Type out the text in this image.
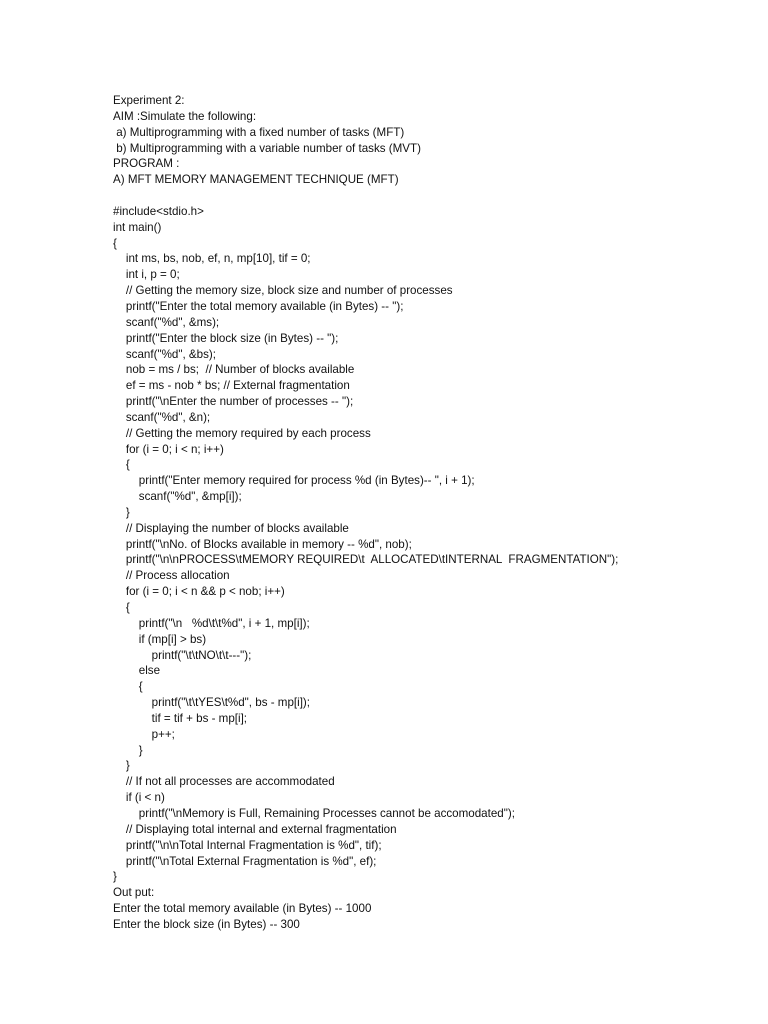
Experiment 2:
AIM :Simulate the following:
a) Multiprogramming with a fixed number of tasks (MFT)
b) Multiprogramming with a variable number of tasks (MVT)
PROGRAM :
A) MFT MEMORY MANAGEMENT TECHNIQUE (MFT)
#include<stdio.h>
int main()
{
int ms, bs, nob, ef, n, mp[10], tif = 0;
int i, p = 0;
// Getting the memory size, block size and number of processes
printf("Enter the total memory available (in Bytes) -- ");
scanf("%d", &ms);
printf("Enter the block size (in Bytes) -- ");
scanf("%d", &bs);
nob = ms / bs;  // Number of blocks available
ef = ms - nob * bs; // External fragmentation
printf("\nEnter the number of processes -- ");
scanf("%d", &n);
// Getting the memory required by each process
for (i = 0; i < n; i++)
{
printf("Enter memory required for process %d (in Bytes)-- ", i + 1);
scanf("%d", &mp[i]);
}
// Displaying the number of blocks available
printf("\nNo. of Blocks available in memory -- %d", nob);
printf("\n\nPROCESS\tMEMORY REQUIRED\t  ALLOCATED\tINTERNAL  FRAGMENTATION");
// Process allocation
for (i = 0; i < n && p < nob; i++)
{
printf("\n   %d\t\t%d", i + 1, mp[i]);
if (mp[i] > bs)
printf("\t\tNO\t\t---");
else
{
printf("\t\tYES\t%d", bs - mp[i]);
tif = tif + bs - mp[i];
p++;
}
}
// If not all processes are accommodated
if (i < n)
printf("\nMemory is Full, Remaining Processes cannot be accomodated");
// Displaying total internal and external fragmentation
printf("\n\nTotal Internal Fragmentation is %d", tif);
printf("\nTotal External Fragmentation is %d", ef);
}
Out put:
Enter the total memory available (in Bytes) -- 1000
Enter the block size (in Bytes) -- 300
